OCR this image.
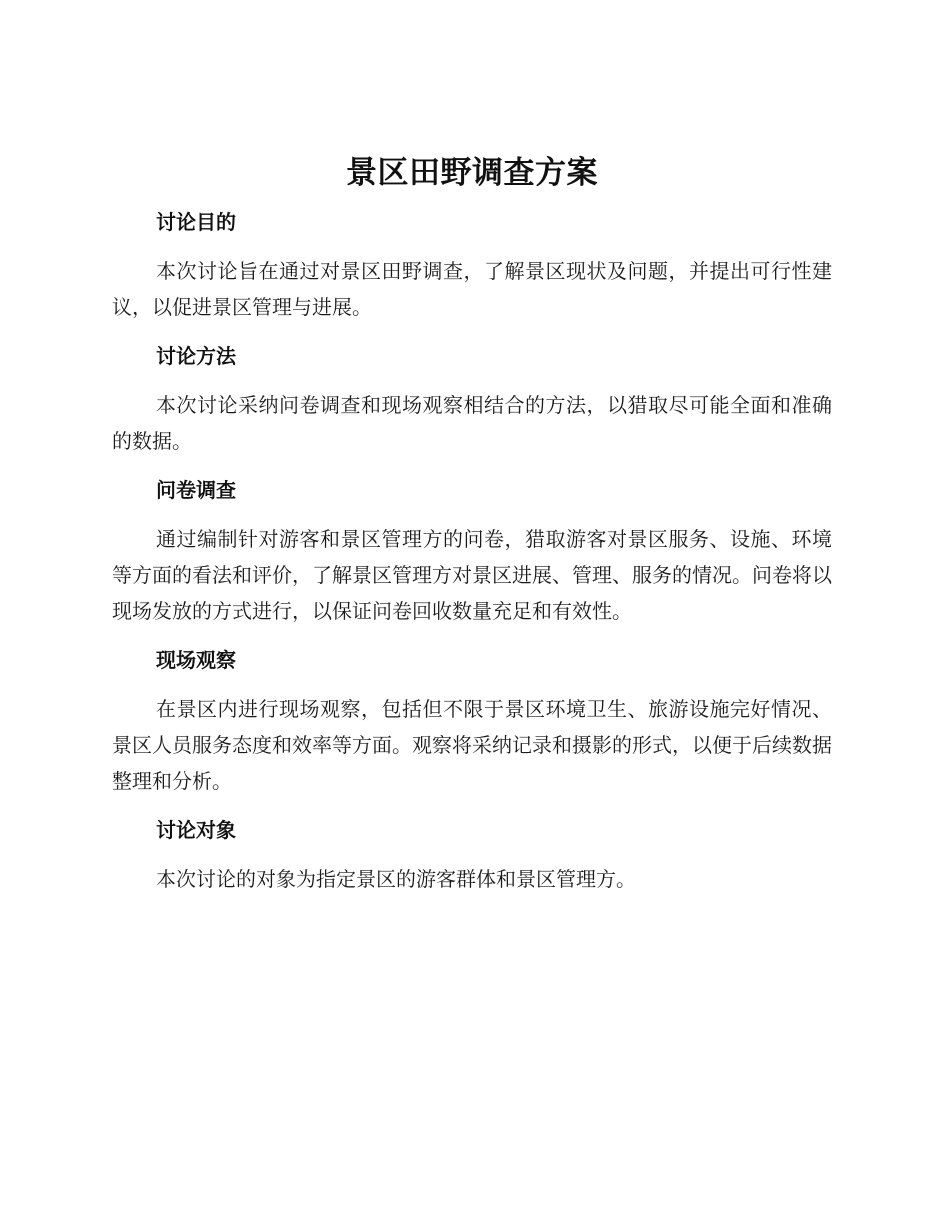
景区田野调查方案
讨论目的

本次讨论旨在通过对景区田野调查，了解景区现状及问题，并提出可行性建议，以促进景区管理与进展。

讨论方法

本次讨论采纳问卷调查和现场观察相结合的方法，以猎取尽可能全面和准确的数据。

问卷调查

通过编制针对游客和景区管理方的问卷，猎取游客对景区服务、设施、环境等方面的看法和评价，了解景区管理方对景区进展、管理、服务的情况。问卷将以现场发放的方式进行，以保证问卷回收数量充足和有效性。

现场观察

在景区内进行现场观察，包括但不限于景区环境卫生、旅游设施完好情况、景区人员服务态度和效率等方面。观察将采纳记录和摄影的形式，以便于后续数据整理和分析。

讨论对象

本次讨论的对象为指定景区的游客群体和景区管理方。
